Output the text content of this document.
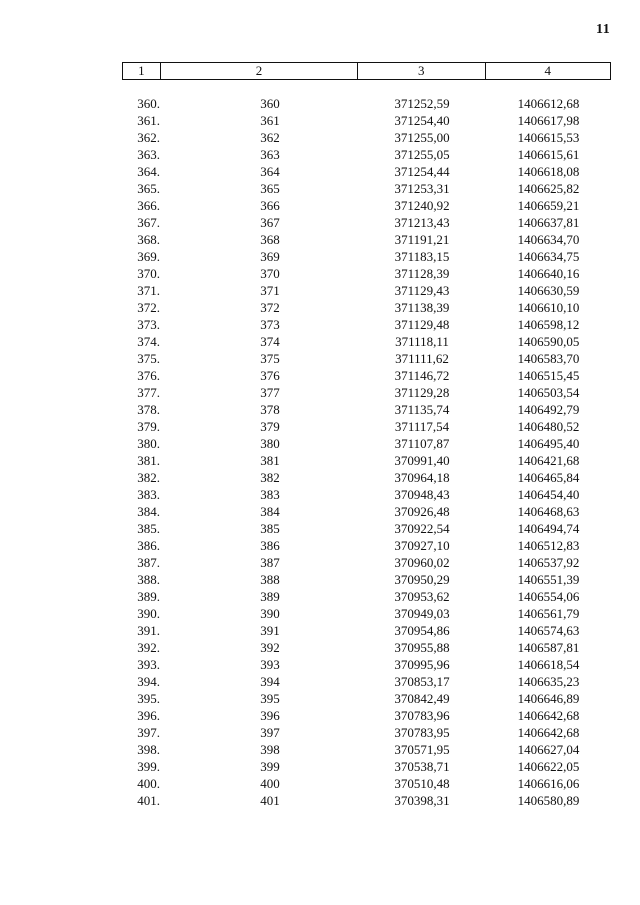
11
1	2	3	4
360.	360	371252,59	1406612,68
361.	361	371254,40	1406617,98
362.	362	371255,00	1406615,53
363.	363	371255,05	1406615,61
364.	364	371254,44	1406618,08
365.	365	371253,31	1406625,82
366.	366	371240,92	1406659,21
367.	367	371213,43	1406637,81
368.	368	371191,21	1406634,70
369.	369	371183,15	1406634,75
370.	370	371128,39	1406640,16
371.	371	371129,43	1406630,59
372.	372	371138,39	1406610,10
373.	373	371129,48	1406598,12
374.	374	371118,11	1406590,05
375.	375	371111,62	1406583,70
376.	376	371146,72	1406515,45
377.	377	371129,28	1406503,54
378.	378	371135,74	1406492,79
379.	379	371117,54	1406480,52
380.	380	371107,87	1406495,40
381.	381	370991,40	1406421,68
382.	382	370964,18	1406465,84
383.	383	370948,43	1406454,40
384.	384	370926,48	1406468,63
385.	385	370922,54	1406494,74
386.	386	370927,10	1406512,83
387.	387	370960,02	1406537,92
388.	388	370950,29	1406551,39
389.	389	370953,62	1406554,06
390.	390	370949,03	1406561,79
391.	391	370954,86	1406574,63
392.	392	370955,88	1406587,81
393.	393	370995,96	1406618,54
394.	394	370853,17	1406635,23
395.	395	370842,49	1406646,89
396.	396	370783,96	1406642,68
397.	397	370783,95	1406642,68
398.	398	370571,95	1406627,04
399.	399	370538,71	1406622,05
400.	400	370510,48	1406616,06
401.	401	370398,31	1406580,89
